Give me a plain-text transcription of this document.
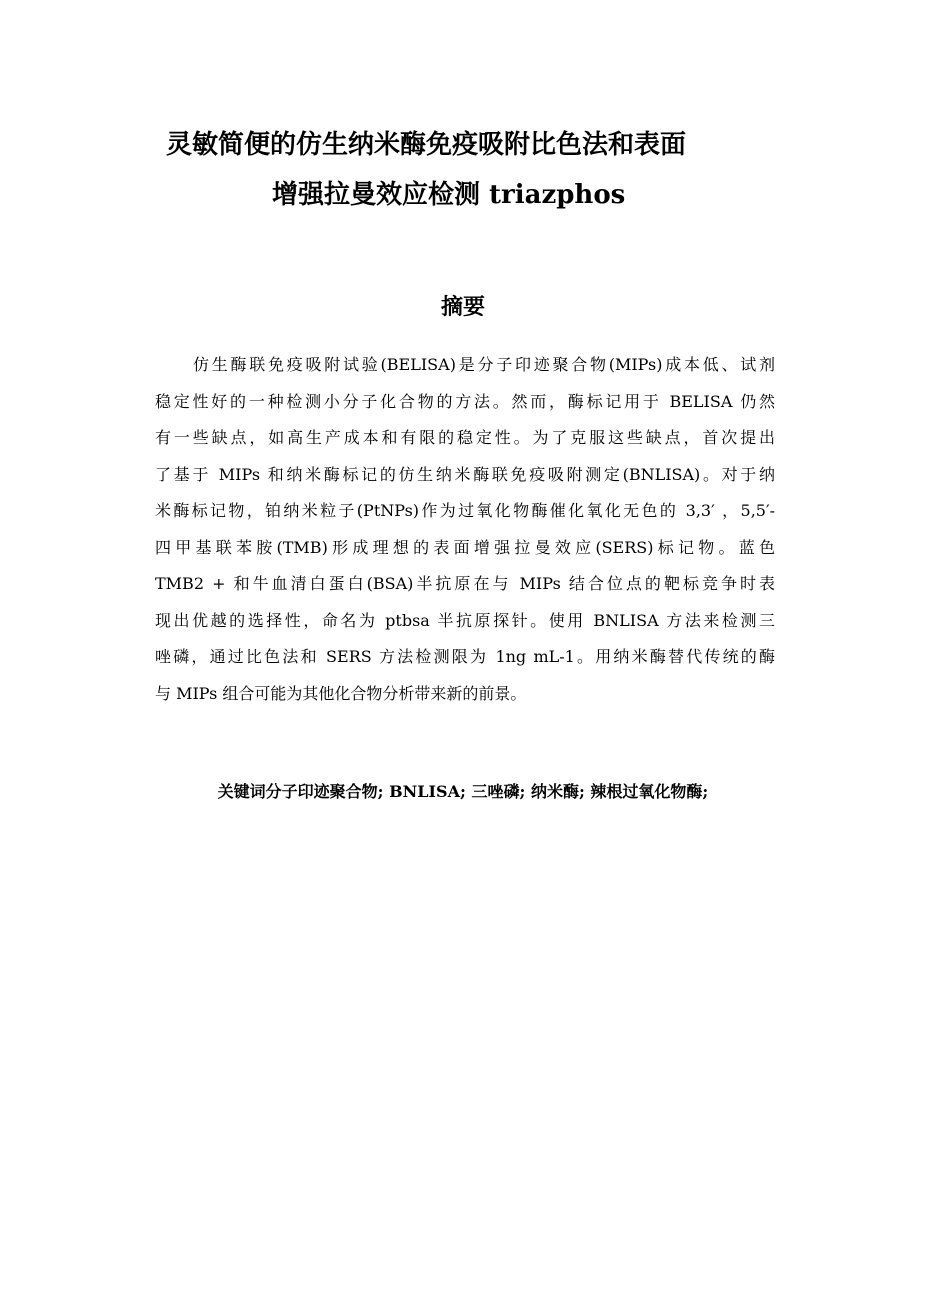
灵敏简便的仿生纳米酶免疫吸附比色法和表面
增强拉曼效应检测 triazphos
摘要
仿生酶联免疫吸附试验(BELISA)是分子印迹聚合物(MIPs)成本低、试剂
稳定性好的一种检测小分子化合物的方法。然而，酶标记用于 BELISA 仍然
有一些缺点，如高生产成本和有限的稳定性。为了克服这些缺点，首次提出
了基于 MIPs 和纳米酶标记的仿生纳米酶联免疫吸附测定(BNLISA)。对于纳
米酶标记物，铂纳米粒子(PtNPs)作为过氧化物酶催化氧化无色的 3,3′ ，5,5′-
四甲基联苯胺(TMB)形成理想的表面增强拉曼效应(SERS)标记物。蓝色
TMB2 + 和牛血清白蛋白(BSA)半抗原在与 MIPs 结合位点的靶标竞争时表
现出优越的选择性，命名为 ptbsa 半抗原探针。使用 BNLISA 方法来检测三
唑磷，通过比色法和 SERS 方法检测限为 1ng mL-1。用纳米酶替代传统的酶
与 MIPs 组合可能为其他化合物分析带来新的前景。
关键词分子印迹聚合物; BNLISA; 三唑磷; 纳米酶; 辣根过氧化物酶;
